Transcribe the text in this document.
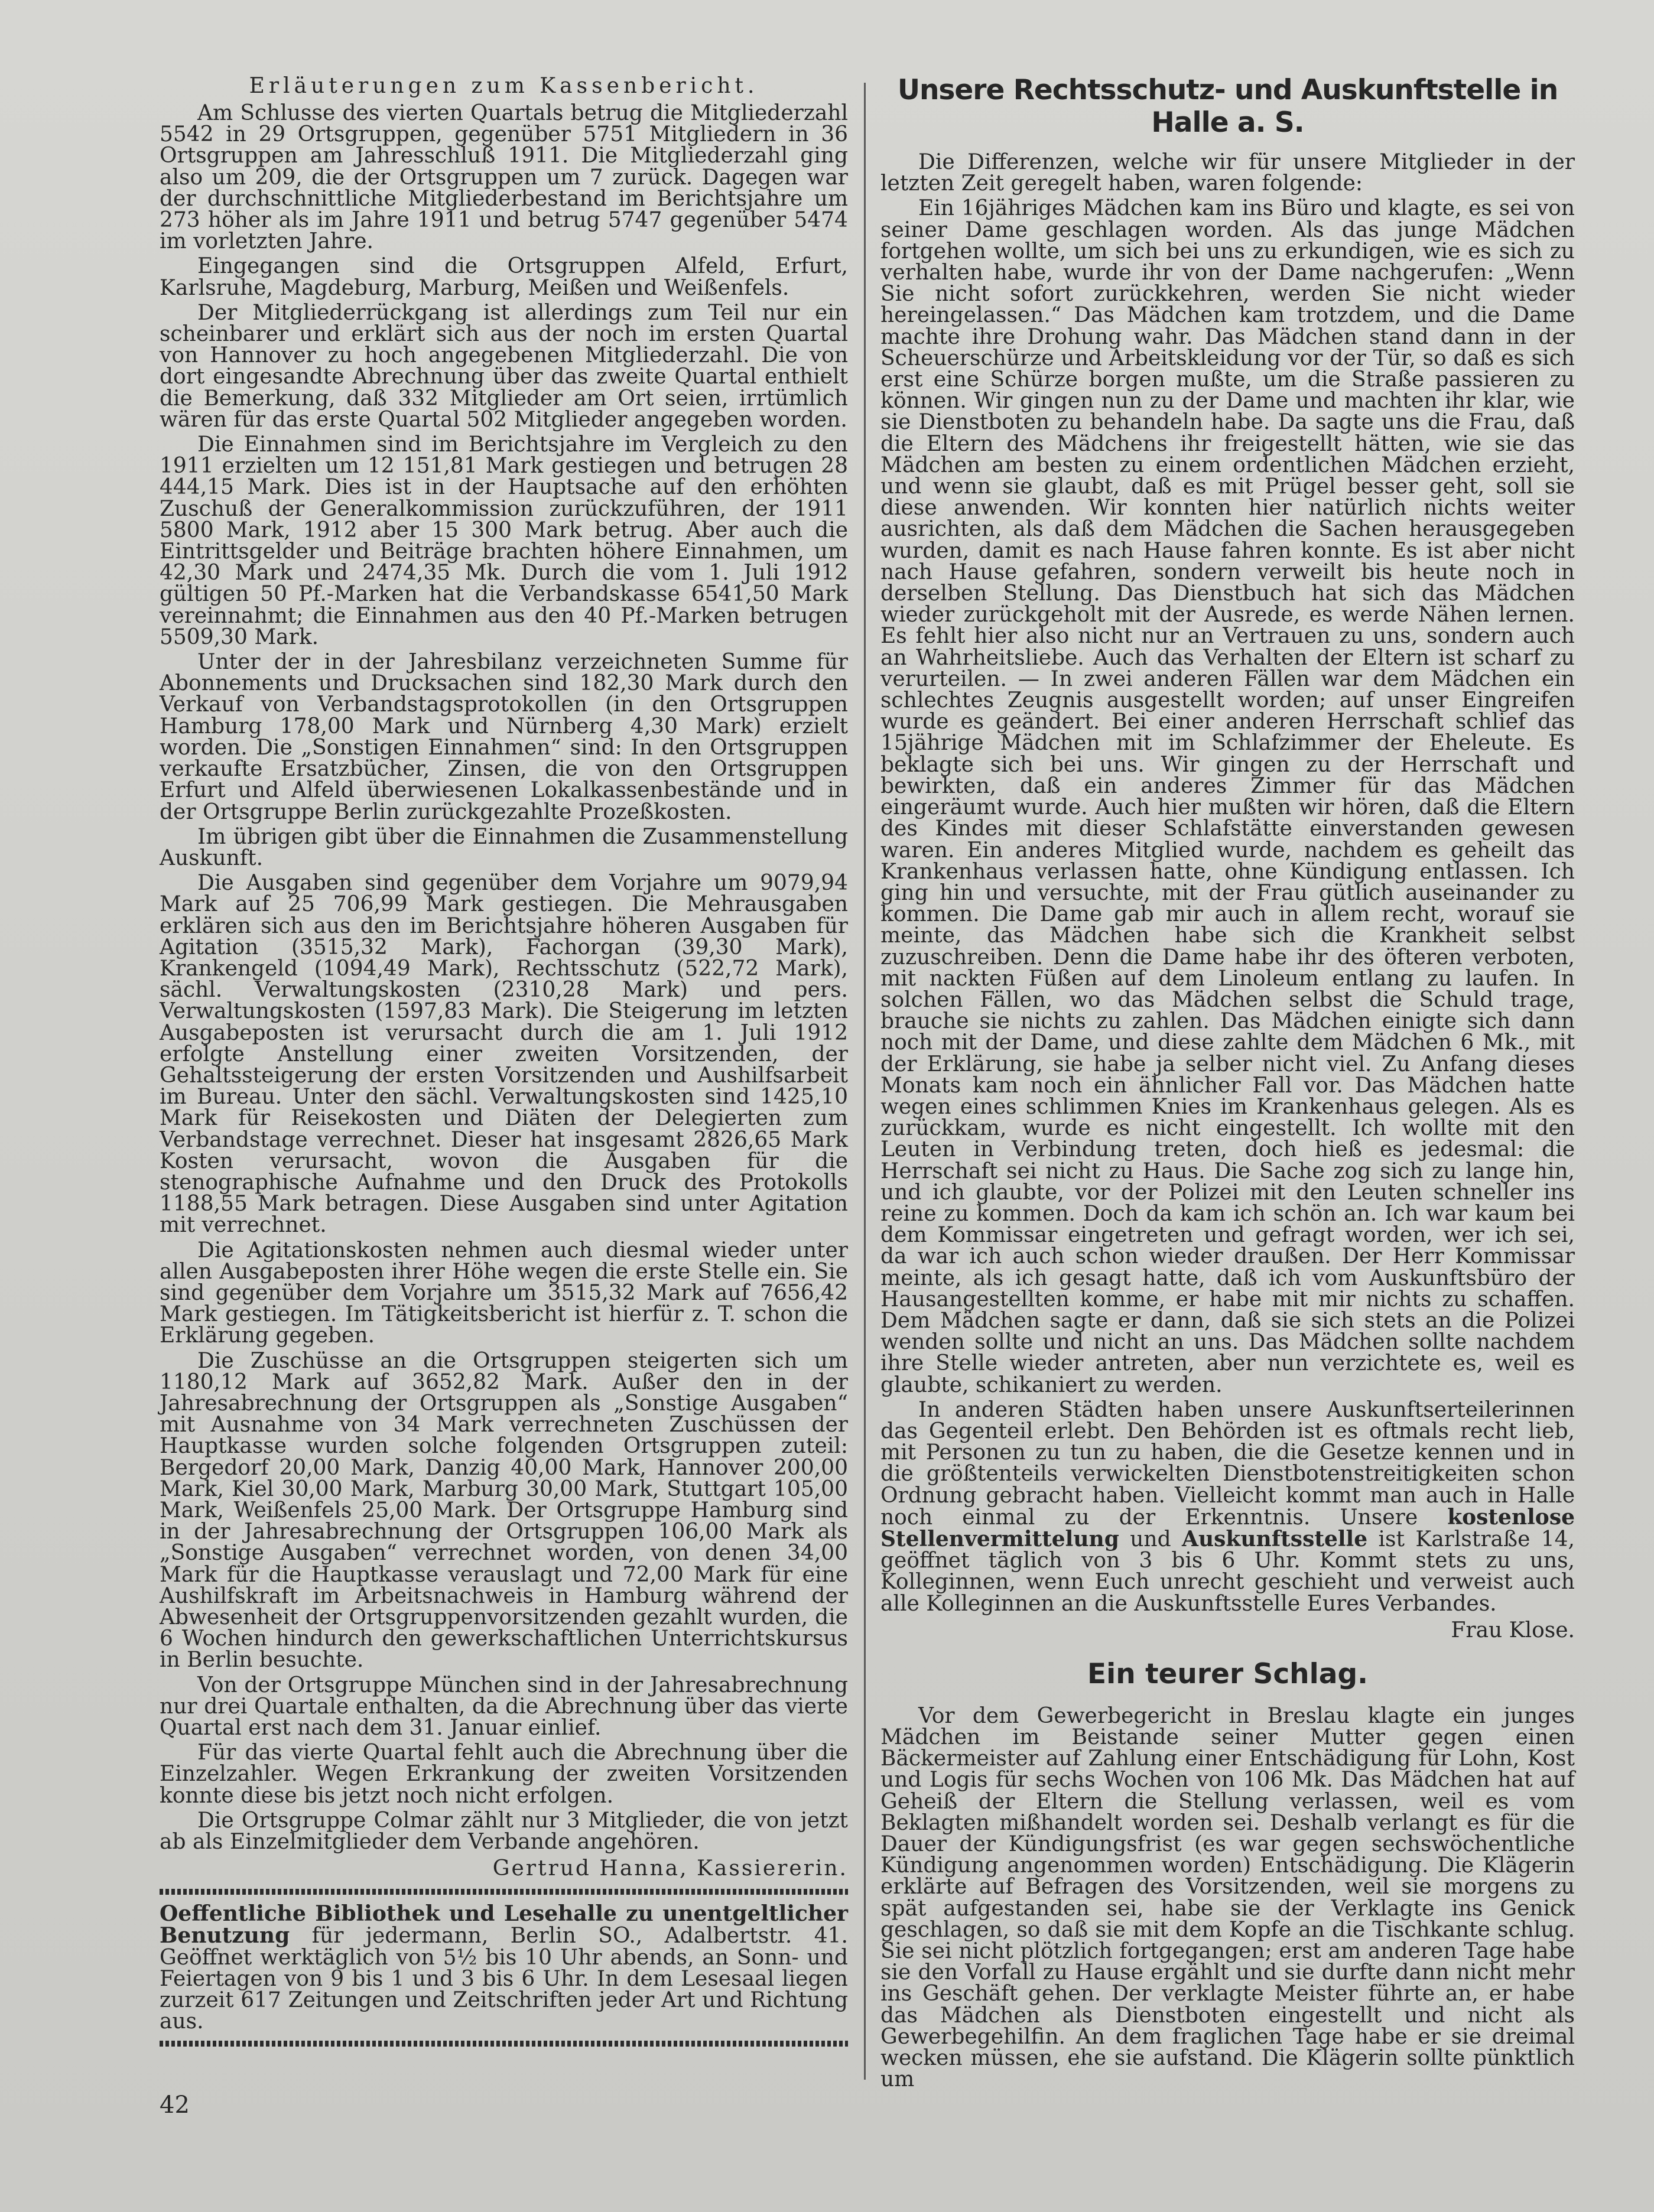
Erläuterungen zum Kassenbericht.

Am Schlusse des vierten Quartals betrug die Mitgliederzahl 5542 in 29 Ortsgruppen, gegenüber 5751 Mitgliedern in 36 Ortsgruppen am Jahresschluß 1911. Die Mitgliederzahl ging also um 209, die der Ortsgruppen um 7 zurück. Dagegen war der durchschnittliche Mitgliederbestand im Berichtsjahre um 273 höher als im Jahre 1911 und betrug 5747 gegenüber 5474 im vorletzten Jahre.

Eingegangen sind die Ortsgruppen Alfeld, Erfurt, Karlsruhe, Magdeburg, Marburg, Meißen und Weißenfels.

Der Mitgliederrückgang ist allerdings zum Teil nur ein scheinbarer und erklärt sich aus der noch im ersten Quartal von Hannover zu hoch angegebenen Mitgliederzahl. Die von dort eingesandte Abrechnung über das zweite Quartal enthielt die Bemerkung, daß 332 Mitglieder am Ort seien, irrtümlich wären für das erste Quartal 502 Mitglieder angegeben worden.

Die Einnahmen sind im Berichtsjahre im Vergleich zu den 1911 erzielten um 12 151,81 Mark gestiegen und betrugen 28 444,15 Mark. Dies ist in der Hauptsache auf den erhöhten Zuschuß der Generalkommission zurückzuführen, der 1911 5800 Mark, 1912 aber 15 300 Mark betrug. Aber auch die Eintrittsgelder und Beiträge brachten höhere Einnahmen, um 42,30 Mark und 2474,35 Mk. Durch die vom 1. Juli 1912 gültigen 50 Pf.-Marken hat die Verbandskasse 6541,50 Mark vereinnahmt; die Einnahmen aus den 40 Pf.-Marken betrugen 5509,30 Mark.

Unter der in der Jahresbilanz verzeichneten Summe für Abonnements und Drucksachen sind 182,30 Mark durch den Verkauf von Verbandstagsprotokollen (in den Ortsgruppen Hamburg 178,00 Mark und Nürnberg 4,30 Mark) erzielt worden. Die „Sonstigen Einnahmen“ sind: In den Ortsgruppen verkaufte Ersatzbücher, Zinsen, die von den Ortsgruppen Erfurt und Alfeld überwiesenen Lokalkassenbestände und in der Ortsgruppe Berlin zurückgezahlte Prozeßkosten.

Im übrigen gibt über die Einnahmen die Zusammenstellung Auskunft.

Die Ausgaben sind gegenüber dem Vorjahre um 9079,94 Mark auf 25 706,99 Mark gestiegen. Die Mehrausgaben erklären sich aus den im Berichtsjahre höheren Ausgaben für Agitation (3515,32 Mark), Fachorgan (39,30 Mark), Krankengeld (1094,49 Mark), Rechtsschutz (522,72 Mark), sächl. Verwaltungskosten (2310,28 Mark) und pers. Verwaltungskosten (1597,83 Mark). Die Steigerung im letzten Ausgabeposten ist verursacht durch die am 1. Juli 1912 erfolgte Anstellung einer zweiten Vorsitzenden, der Gehaltssteigerung der ersten Vorsitzenden und Aushilfsarbeit im Bureau. Unter den sächl. Verwaltungskosten sind 1425,10 Mark für Reisekosten und Diäten der Delegierten zum Verbandstage verrechnet. Dieser hat insgesamt 2826,65 Mark Kosten verursacht, wovon die Ausgaben für die stenographische Aufnahme und den Druck des Protokolls 1188,55 Mark betragen. Diese Ausgaben sind unter Agitation mit verrechnet.

Die Agitationskosten nehmen auch diesmal wieder unter allen Ausgabeposten ihrer Höhe wegen die erste Stelle ein. Sie sind gegenüber dem Vorjahre um 3515,32 Mark auf 7656,42 Mark gestiegen. Im Tätigkeitsbericht ist hierfür z. T. schon die Erklärung gegeben.

Die Zuschüsse an die Ortsgruppen steigerten sich um 1180,12 Mark auf 3652,82 Mark. Außer den in der Jahresabrechnung der Ortsgruppen als „Sonstige Ausgaben“ mit Ausnahme von 34 Mark verrechneten Zuschüssen der Hauptkasse wurden solche folgenden Ortsgruppen zuteil: Bergedorf 20,00 Mark, Danzig 40,00 Mark, Hannover 200,00 Mark, Kiel 30,00 Mark, Marburg 30,00 Mark, Stuttgart 105,00 Mark, Weißenfels 25,00 Mark. Der Ortsgruppe Hamburg sind in der Jahresabrechnung der Ortsgruppen 106,00 Mark als „Sonstige Ausgaben“ verrechnet worden, von denen 34,00 Mark für die Hauptkasse verauslagt und 72,00 Mark für eine Aushilfskraft im Arbeitsnachweis in Hamburg während der Abwesenheit der Ortsgruppenvorsitzenden gezahlt wurden, die 6 Wochen hindurch den gewerkschaftlichen Unterrichtskursus in Berlin besuchte.

Von der Ortsgruppe München sind in der Jahresabrechnung nur drei Quartale enthalten, da die Abrechnung über das vierte Quartal erst nach dem 31. Januar einlief.

Für das vierte Quartal fehlt auch die Abrechnung über die Einzelzahler. Wegen Erkrankung der zweiten Vorsitzenden konnte diese bis jetzt noch nicht erfolgen.

Die Ortsgruppe Colmar zählt nur 3 Mitglieder, die von jetzt ab als Einzelmitglieder dem Verbande angehören.

Gertrud Hanna, Kassiererin.

Oeffentliche Bibliothek und Lesehalle zu unentgeltlicher Benutzung für jedermann, Berlin SO., Adalbertstr. 41. Geöffnet werktäglich von 5½ bis 10 Uhr abends, an Sonn- und Feiertagen von 9 bis 1 und 3 bis 6 Uhr. In dem Lesesaal liegen zurzeit 617 Zeitungen und Zeitschriften jeder Art und Richtung aus.

Unsere Rechtsschutz- und Auskunftstelle in Halle a. S.

Die Differenzen, welche wir für unsere Mitglieder in der letzten Zeit geregelt haben, waren folgende:

Ein 16jähriges Mädchen kam ins Büro und klagte, es sei von seiner Dame geschlagen worden. Als das junge Mädchen fortgehen wollte, um sich bei uns zu erkundigen, wie es sich zu verhalten habe, wurde ihr von der Dame nachgerufen: „Wenn Sie nicht sofort zurückkehren, werden Sie nicht wieder hereingelassen.“ Das Mädchen kam trotzdem, und die Dame machte ihre Drohung wahr. Das Mädchen stand dann in der Scheuerschürze und Arbeitskleidung vor der Tür, so daß es sich erst eine Schürze borgen mußte, um die Straße passieren zu können. Wir gingen nun zu der Dame und machten ihr klar, wie sie Dienstboten zu behandeln habe. Da sagte uns die Frau, daß die Eltern des Mädchens ihr freigestellt hätten, wie sie das Mädchen am besten zu einem ordentlichen Mädchen erzieht, und wenn sie glaubt, daß es mit Prügel besser geht, soll sie diese anwenden. Wir konnten hier natürlich nichts weiter ausrichten, als daß dem Mädchen die Sachen herausgegeben wurden, damit es nach Hause fahren konnte. Es ist aber nicht nach Hause gefahren, sondern verweilt bis heute noch in derselben Stellung. Das Dienstbuch hat sich das Mädchen wieder zurückgeholt mit der Ausrede, es werde Nähen lernen. Es fehlt hier also nicht nur an Vertrauen zu uns, sondern auch an Wahrheitsliebe. Auch das Verhalten der Eltern ist scharf zu verurteilen. — In zwei anderen Fällen war dem Mädchen ein schlechtes Zeugnis ausgestellt worden; auf unser Eingreifen wurde es geändert. Bei einer anderen Herrschaft schlief das 15jährige Mädchen mit im Schlafzimmer der Eheleute. Es beklagte sich bei uns. Wir gingen zu der Herrschaft und bewirkten, daß ein anderes Zimmer für das Mädchen eingeräumt wurde. Auch hier mußten wir hören, daß die Eltern des Kindes mit dieser Schlafstätte einverstanden gewesen waren. Ein anderes Mitglied wurde, nachdem es geheilt das Krankenhaus verlassen hatte, ohne Kündigung entlassen. Ich ging hin und versuchte, mit der Frau gütlich auseinander zu kommen. Die Dame gab mir auch in allem recht, worauf sie meinte, das Mädchen habe sich die Krankheit selbst zuzuschreiben. Denn die Dame habe ihr des öfteren verboten, mit nackten Füßen auf dem Linoleum entlang zu laufen. In solchen Fällen, wo das Mädchen selbst die Schuld trage, brauche sie nichts zu zahlen. Das Mädchen einigte sich dann noch mit der Dame, und diese zahlte dem Mädchen 6 Mk., mit der Erklärung, sie habe ja selber nicht viel. Zu Anfang dieses Monats kam noch ein ähnlicher Fall vor. Das Mädchen hatte wegen eines schlimmen Knies im Krankenhaus gelegen. Als es zurückkam, wurde es nicht eingestellt. Ich wollte mit den Leuten in Verbindung treten, doch hieß es jedesmal: die Herrschaft sei nicht zu Haus. Die Sache zog sich zu lange hin, und ich glaubte, vor der Polizei mit den Leuten schneller ins reine zu kommen. Doch da kam ich schön an. Ich war kaum bei dem Kommissar eingetreten und gefragt worden, wer ich sei, da war ich auch schon wieder draußen. Der Herr Kommissar meinte, als ich gesagt hatte, daß ich vom Auskunftsbüro der Hausangestellten komme, er habe mit mir nichts zu schaffen. Dem Mädchen sagte er dann, daß sie sich stets an die Polizei wenden sollte und nicht an uns. Das Mädchen sollte nachdem ihre Stelle wieder antreten, aber nun verzichtete es, weil es glaubte, schikaniert zu werden.

In anderen Städten haben unsere Auskunftserteilerinnen das Gegenteil erlebt. Den Behörden ist es oftmals recht lieb, mit Personen zu tun zu haben, die die Gesetze kennen und in die größtenteils verwickelten Dienstbotenstreitigkeiten schon Ordnung gebracht haben. Vielleicht kommt man auch in Halle noch einmal zu der Erkenntnis. Unsere kostenlose Stellenvermittelung und Auskunftsstelle ist Karlstraße 14, geöffnet täglich von 3 bis 6 Uhr. Kommt stets zu uns, Kolleginnen, wenn Euch unrecht geschieht und verweist auch alle Kolleginnen an die Auskunftsstelle Eures Verbandes.

Frau Klose.
Ein teurer Schlag.

Vor dem Gewerbegericht in Breslau klagte ein junges Mädchen im Beistande seiner Mutter gegen einen Bäckermeister auf Zahlung einer Entschädigung für Lohn, Kost und Logis für sechs Wochen von 106 Mk. Das Mädchen hat auf Geheiß der Eltern die Stellung verlassen, weil es vom Beklagten mißhandelt worden sei. Deshalb verlangt es für die Dauer der Kündigungsfrist (es war gegen sechswöchentliche Kündigung angenommen worden) Entschädigung. Die Klägerin erklärte auf Befragen des Vorsitzenden, weil sie morgens zu spät aufgestanden sei, habe sie der Verklagte ins Genick geschlagen, so daß sie mit dem Kopfe an die Tischkante schlug. Sie sei nicht plötzlich fortgegangen; erst am anderen Tage habe sie den Vorfall zu Hause ergählt und sie durfte dann nicht mehr ins Geschäft gehen. Der verklagte Meister führte an, er habe das Mädchen als Dienstboten eingestellt und nicht als Gewerbegehilfin. An dem fraglichen Tage habe er sie dreimal wecken müssen, ehe sie aufstand. Die Klägerin sollte pünktlich um

42
